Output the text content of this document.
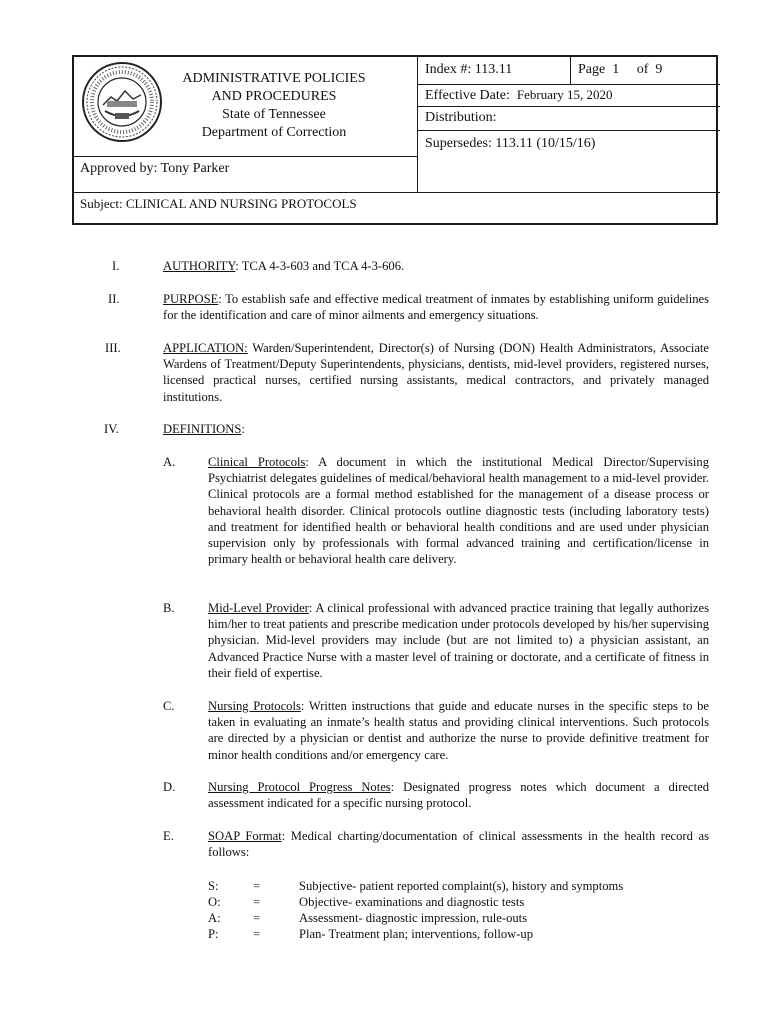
ADMINISTRATIVE POLICIES
AND PROCEDURES
State of Tennessee
Department of Correction
Index #: 113.11	Page 1 of 9
Effective Date: February 15, 2020
Distribution:
Supersedes: 113.11 (10/15/16)
Approved by: Tony Parker
Subject: CLINICAL AND NURSING PROTOCOLS
I.	AUTHORITY: TCA 4-3-603 and TCA 4-3-606.
II.	PURPOSE: To establish safe and effective medical treatment of inmates by establishing uniform guidelines for the identification and care of minor ailments and emergency situations.
III.	APPLICATION: Warden/Superintendent, Director(s) of Nursing (DON) Health Administrators, Associate Wardens of Treatment/Deputy Superintendents, physicians, dentists, mid-level providers, registered nurses, licensed practical nurses, certified nursing assistants, medical contractors, and privately managed institutions.
IV.	DEFINITIONS:
A.	Clinical Protocols: A document in which the institutional Medical Director/Supervising Psychiatrist delegates guidelines of medical/behavioral health management to a mid-level provider. Clinical protocols are a formal method established for the management of a disease process or behavioral health disorder. Clinical protocols outline diagnostic tests (including laboratory tests) and treatment for identified health or behavioral health conditions and are used under physician supervision only by professionals with formal advanced training and certification/license in primary health or behavioral health care delivery.
B.	Mid-Level Provider: A clinical professional with advanced practice training that legally authorizes him/her to treat patients and prescribe medication under protocols developed by his/her supervising physician. Mid-level providers may include (but are not limited to) a physician assistant, an Advanced Practice Nurse with a master level of training or doctorate, and a certificate of fitness in their field of expertise.
C.	Nursing Protocols: Written instructions that guide and educate nurses in the specific steps to be taken in evaluating an inmate’s health status and providing clinical interventions. Such protocols are directed by a physician or dentist and authorize the nurse to provide definitive treatment for minor health conditions and/or emergency care.
D.	Nursing Protocol Progress Notes: Designated progress notes which document a directed assessment indicated for a specific nursing protocol.
E.	SOAP Format: Medical charting/documentation of clinical assessments in the health record as follows:
S:	=	Subjective- patient reported complaint(s), history and symptoms
O:	=	Objective- examinations and diagnostic tests
A:	=	Assessment- diagnostic impression, rule-outs
P:	=	Plan- Treatment plan; interventions, follow-up
